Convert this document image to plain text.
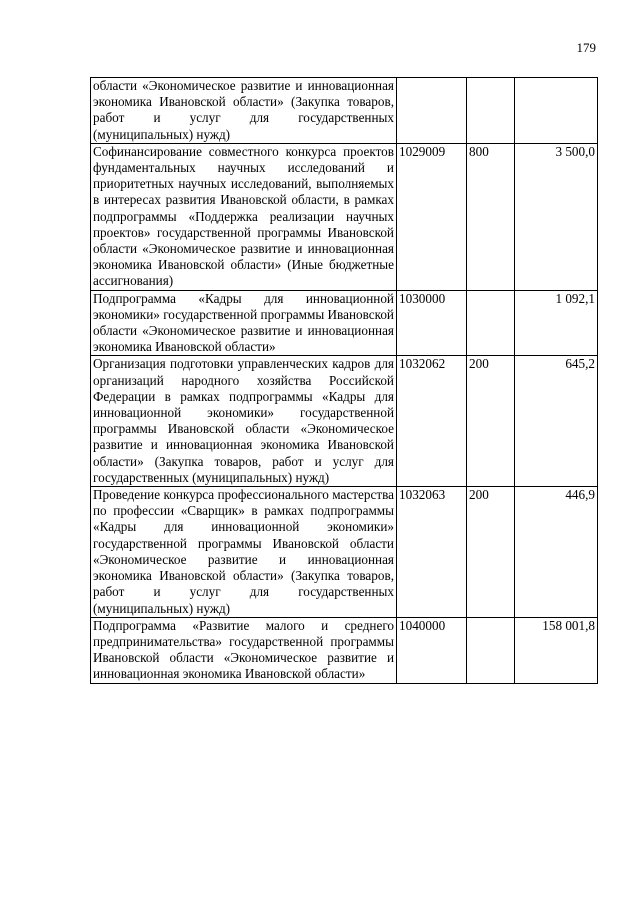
179
области «Экономическое развитие и инновационная экономика Ивановской области» (Закупка товаров, работ и услуг для государственных (муниципальных) нужд)			
Софинансирование совместного конкурса проектов фундаментальных научных исследований и приоритетных научных исследований, выполняемых в интересах развития Ивановской области, в рамках подпрограммы «Поддержка реализации научных проектов» государственной программы Ивановской области «Экономическое развитие и инновационная экономика Ивановской области» (Иные бюджетные ассигнования)	1029009	800	3 500,0
Подпрограмма «Кадры для инновационной экономики» государственной программы Ивановской области «Экономическое развитие и инновационная экономика Ивановской области»	1030000		1 092,1
Организация подготовки управленческих кадров для организаций народного хозяйства Российской Федерации в рамках подпрограммы «Кадры для инновационной экономики» государственной программы Ивановской области «Экономическое развитие и инновационная экономика Ивановской области» (Закупка товаров, работ и услуг для государственных (муниципальных) нужд)	1032062	200	645,2
Проведение конкурса профессионального мастерства по профессии «Сварщик» в рамках подпрограммы «Кадры для инновационной экономики» государственной программы Ивановской области «Экономическое развитие и инновационная экономика Ивановской области» (Закупка товаров, работ и услуг для государственных (муниципальных) нужд)	1032063	200	446,9
Подпрограмма «Развитие малого и среднего предпринимательства» государственной программы Ивановской области «Экономическое развитие и инновационная экономика Ивановской области»	1040000		158 001,8
